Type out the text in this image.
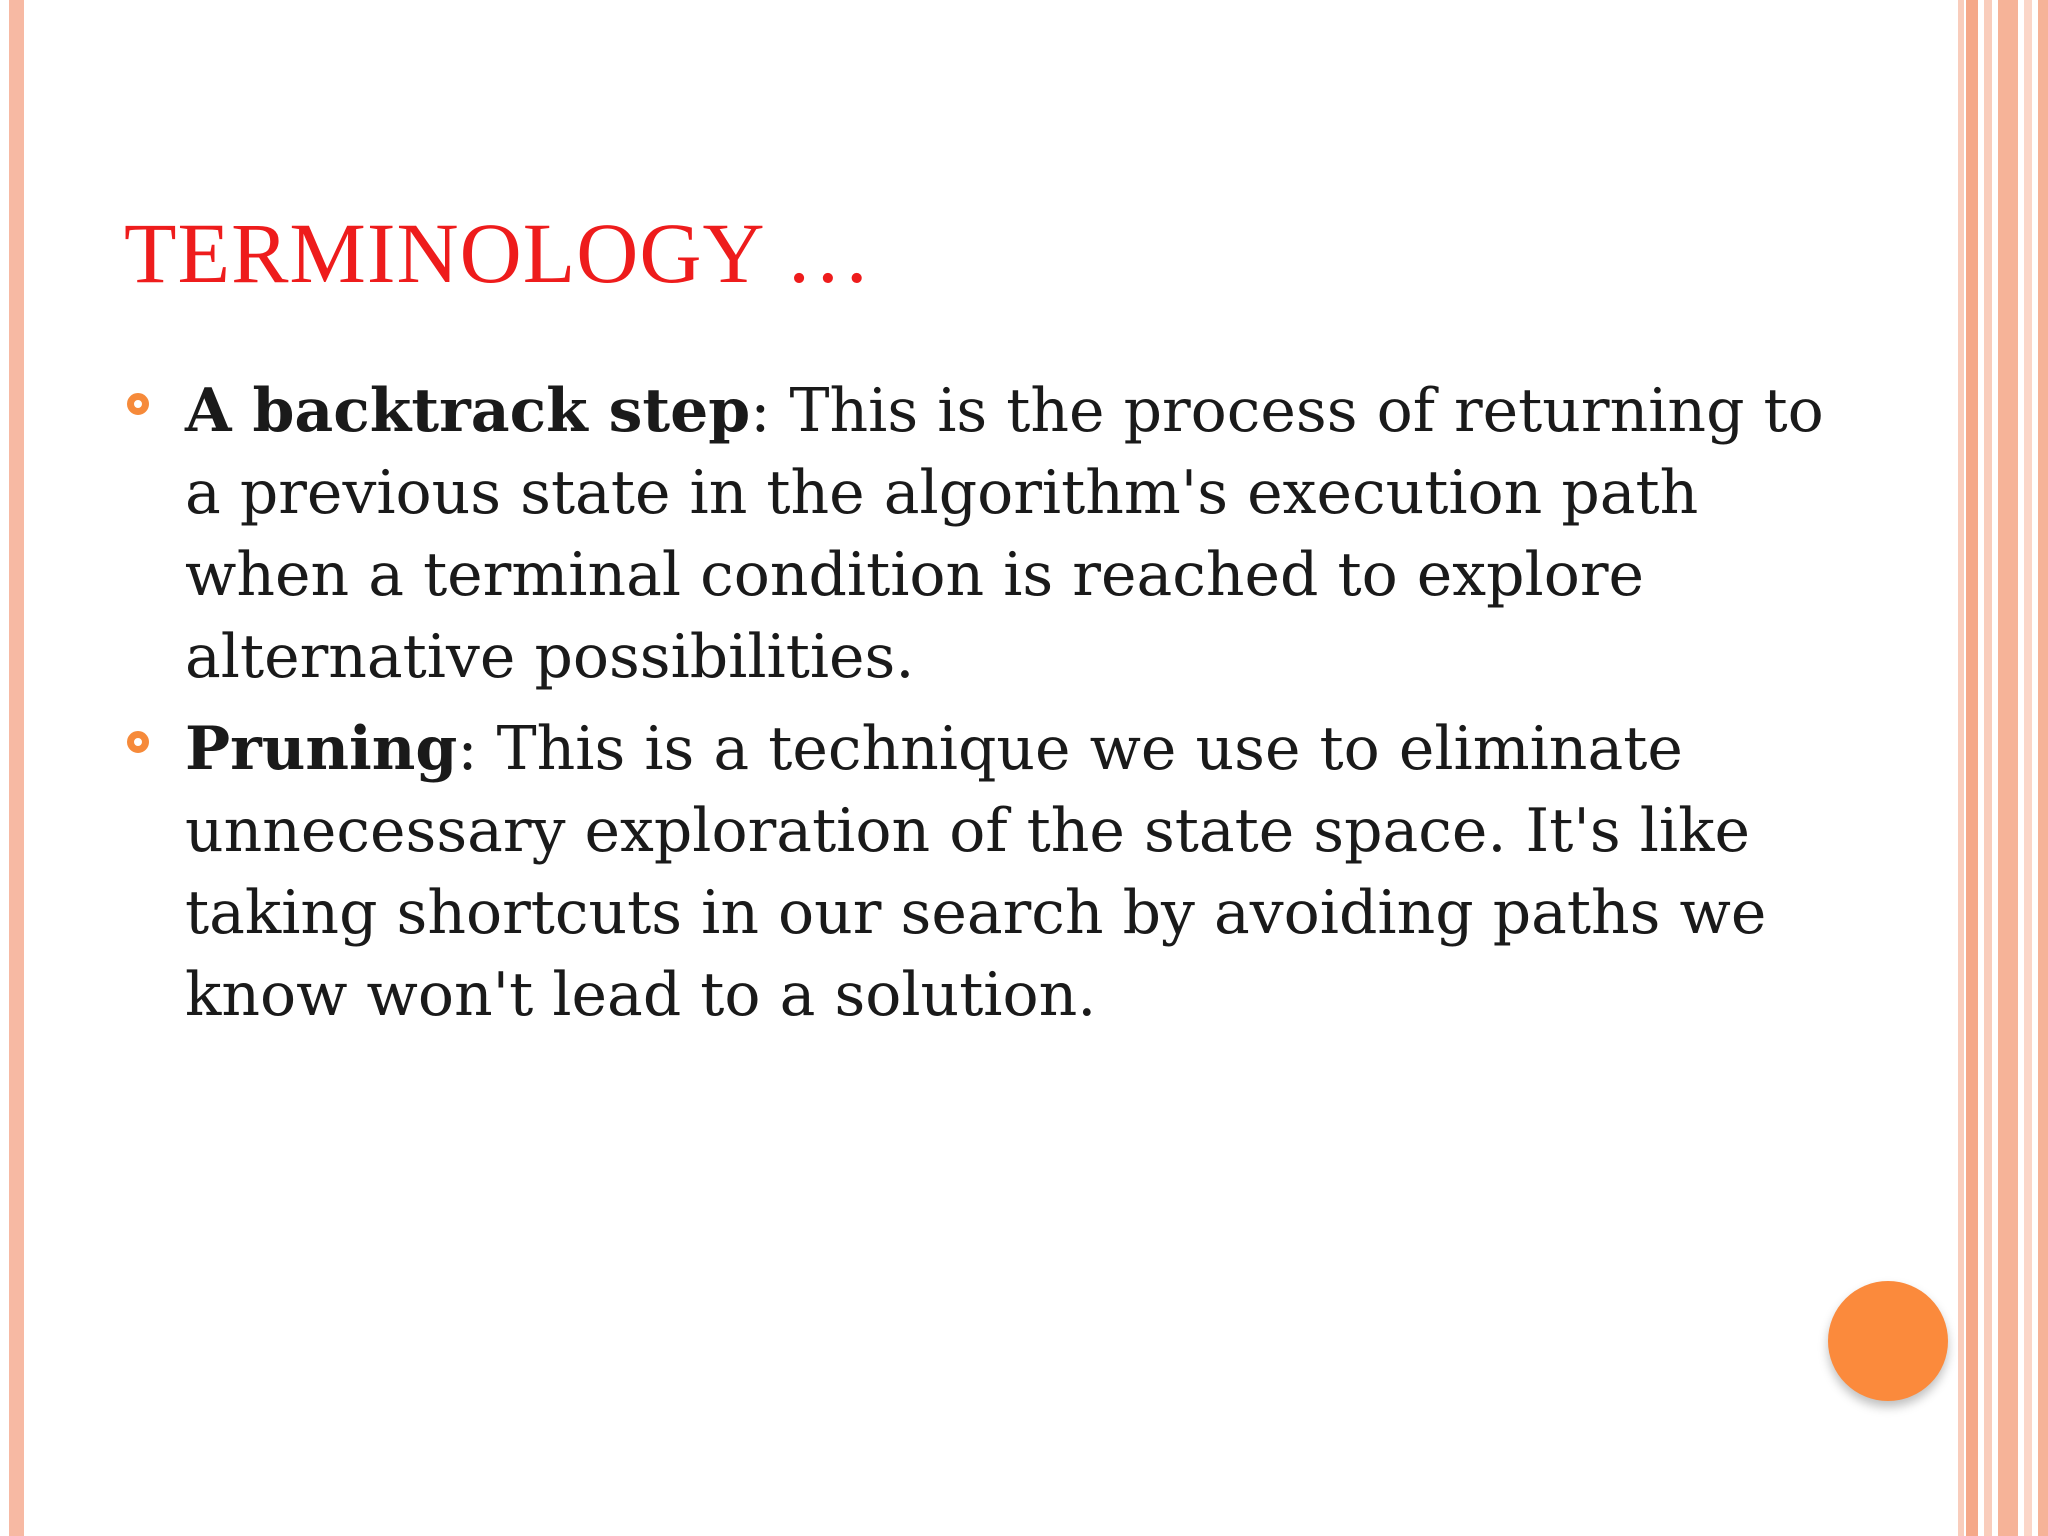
TERMINOLOGY …
A backtrack step: This is the process of returning to a previous state in the algorithm's execution path when a terminal condition is reached to explore alternative possibilities.
Pruning: This is a technique we use to eliminate unnecessary exploration of the state space. It's like taking shortcuts in our search by avoiding paths we know won't lead to a solution.
